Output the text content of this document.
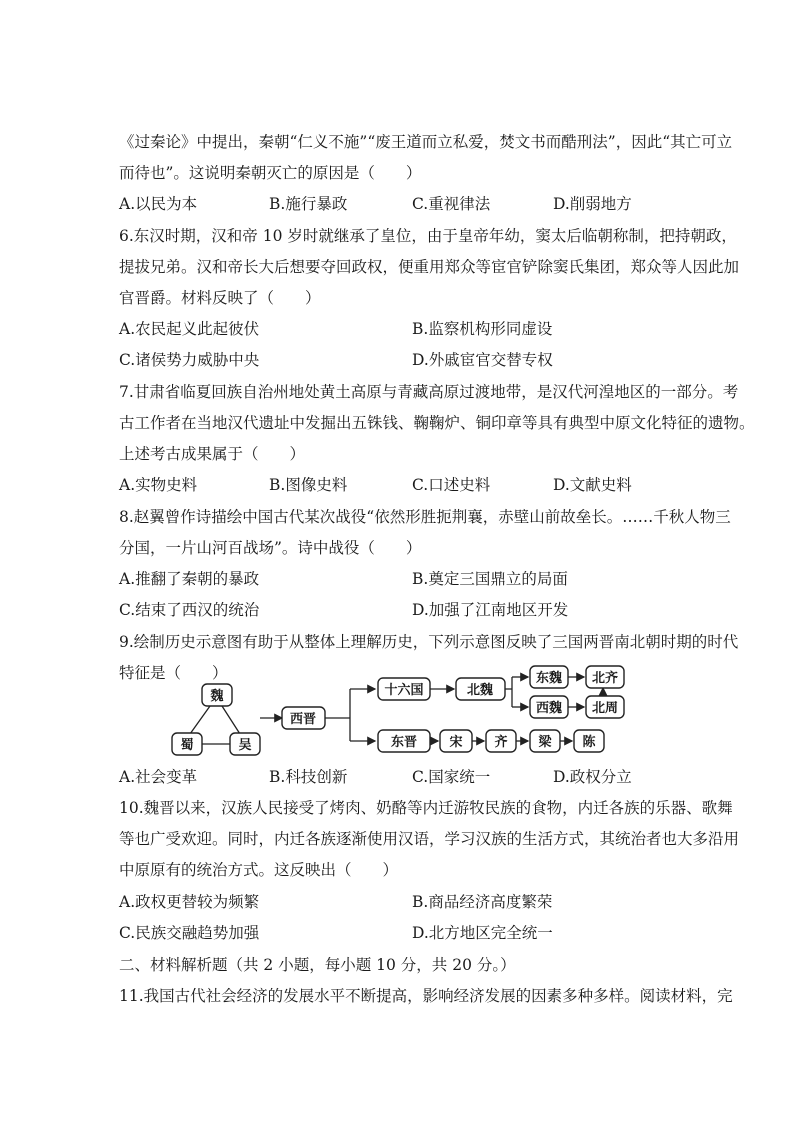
《过秦论》中提出，秦朝“仁义不施”“废王道而立私爱，焚文书而酷刑法”，因此“其亡可立
而待也”。这说明秦朝灭亡的原因是（　　）
A.以民为本	B.施行暴政	C.重视律法	D.削弱地方
6.东汉时期，汉和帝 10 岁时就继承了皇位，由于皇帝年幼，窦太后临朝称制，把持朝政，
提拔兄弟。汉和帝长大后想要夺回政权，便重用郑众等宦官铲除窦氏集团，郑众等人因此加
官晋爵。材料反映了（　　）
A.农民起义此起彼伏	B.监察机构形同虚设
C.诸侯势力威胁中央	D.外戚宦官交替专权
7.甘肃省临夏回族自治州地处黄土高原与青藏高原过渡地带，是汉代河湟地区的一部分。考
古工作者在当地汉代遗址中发掘出五铢钱、鞠鞠炉、铜印章等具有典型中原文化特征的遗物。
上述考古成果属于（　　）
A.实物史料	B.图像史料	C.口述史料	D.文献史料
8.赵翼曾作诗描绘中国古代某次战役“依然形胜扼荆襄，赤壁山前故垒长。……千秋人物三
分国，一片山河百战场”。诗中战役（　　）
A.推翻了秦朝的暴政	B.奠定三国鼎立的局面
C.结束了西汉的统治	D.加强了江南地区开发
9.绘制历史示意图有助于从整体上理解历史，下列示意图反映了三国两晋南北朝时期的时代
特征是（　　）
魏
蜀	吴
西晋
十六国	北魏
东魏
西魏
北齐
北周
东晋 宋 齐 梁 陈
A.社会变革	B.科技创新	C.国家统一	D.政权分立
10.魏晋以来，汉族人民接受了烤肉、奶酪等内迁游牧民族的食物，内迁各族的乐器、歌舞
等也广受欢迎。同时，内迁各族逐渐使用汉语，学习汉族的生活方式，其统治者也大多沿用
中原原有的统治方式。这反映出（　　）
A.政权更替较为频繁	B.商品经济高度繁荣
C.民族交融趋势加强	D.北方地区完全统一
二、材料解析题（共 2 小题，每小题 10 分，共 20 分。）
11.我国古代社会经济的发展水平不断提高，影响经济发展的因素多种多样。阅读材料，完
